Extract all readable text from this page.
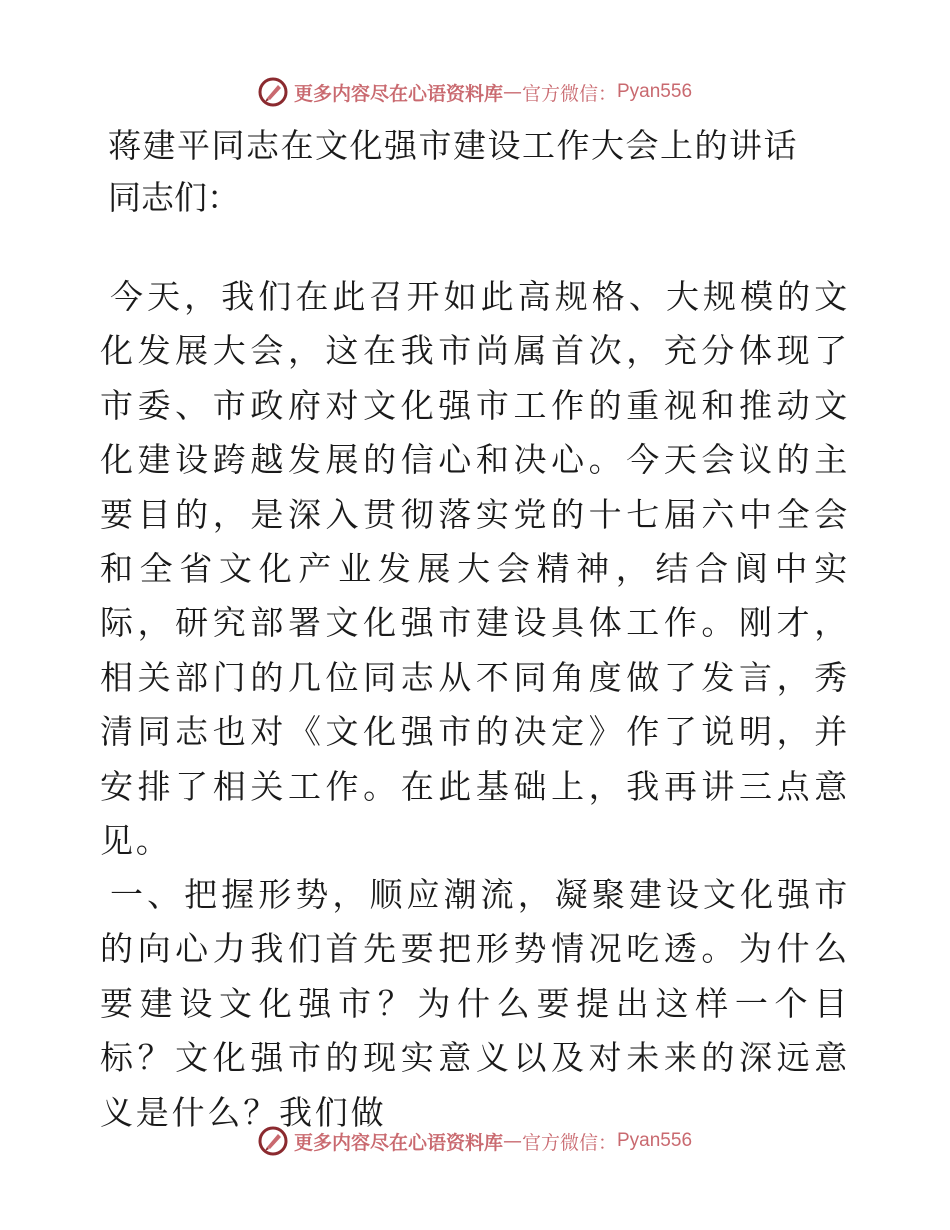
更多内容尽在心语资料库 — 官方微信： Pyan556
蒋建平同志在文化强市建设工作大会上的讲话
同志们：

今天，我们在此召开如此高规格、大规模的文化发展大会，这在我市尚属首次，充分体现了市委、市政府对文化强市工作的重视和推动文化建设跨越发展的信心和决心。今天会议的主要目的，是深入贯彻落实党的十七届六中全会和全省文化产业发展大会精神，结合阆中实际，研究部署文化强市建设具体工作。刚才，相关部门的几位同志从不同角度做了发言，秀清同志也对《文化强市的决定》作了说明，并安排了相关工作。在此基础上，我再讲三点意见。

一、把握形势，顺应潮流，凝聚建设文化强市的向心力我们首先要把形势情况吃透。为什么要建设文化强市？为什么要提出这样一个目标？文化强市的现实意义以及对未来的深远意义是什么？我们做

更多内容尽在心语资料库 — 官方微信： Pyan556
